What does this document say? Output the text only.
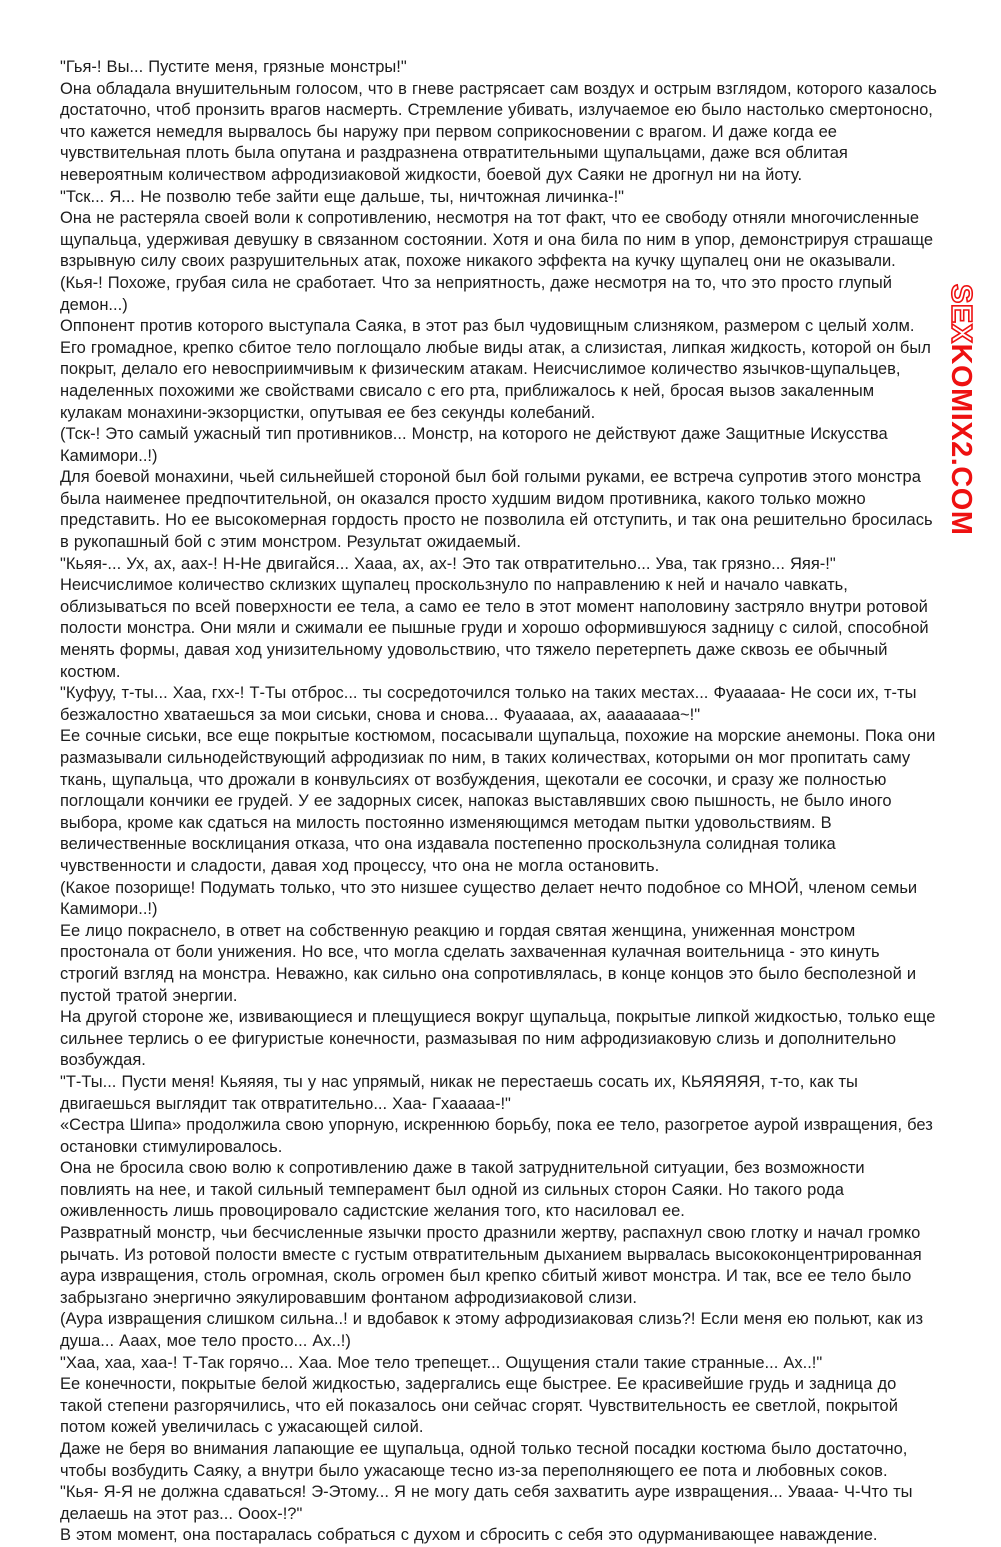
"Гья-! Вы... Пустите меня, грязные монстры!"

Она обладала внушительным голосом, что в гневе растрясает сам воздух и острым взглядом, которого казалось достаточно, чтоб пронзить врагов насмерть. Стремление убивать, излучаемое ею было настолько смертоносно, что кажется немедля вырвалось бы наружу при первом соприкосновении с врагом. И даже когда ее чувствительная плоть была опутана и раздразнена отвратительными щупальцами, даже вся облитая невероятным количеством афродизиаковой жидкости, боевой дух Саяки не дрогнул ни на йоту.

"Тск... Я... Не позволю тебе зайти еще дальше, ты, ничтожная личинка-!"

Она не растеряла своей воли к сопротивлению, несмотря на тот факт, что ее свободу отняли многочисленные щупальца, удерживая девушку в связанном состоянии. Хотя и она била по ним в упор, демонстрируя страшаще взрывную силу своих разрушительных атак, похоже никакого эффекта на кучку щупалец они не оказывали.

(Кья-! Похоже, грубая сила не сработает. Что за неприятность, даже несмотря на то, что это просто глупый демон...)

Оппонент против которого выступала Саяка, в этот раз был чудовищным слизняком, размером с целый холм. Его громадное, крепко сбитое тело поглощало любые виды атак, а слизистая, липкая жидкость, которой он был покрыт, делало его невосприимчивым к физическим атакам. Неисчислимое количество язычков-щупальцев, наделенных похожими же свойствами свисало с его рта, приближалось к ней, бросая вызов закаленным кулакам монахини-экзорцистки, опутывая ее без секунды колебаний.

(Тск-! Это самый ужасный тип противников... Монстр, на которого не действуют даже Защитные Искусства Камимори..!)

Для боевой монахини, чьей сильнейшей стороной был бой голыми руками, ее встреча супротив этого монстра была наименее предпочтительной, он оказался просто худшим видом противника, какого только можно представить. Но ее высокомерная гордость просто не позволила ей отступить, и так она решительно бросилась в рукопашный бой с этим монстром. Результат ожидаемый.

"Кьяя-... Ух, ах, аах-! Н-Не двигайся... Хааа, ах, ах-! Это так отвратительно... Ува, так грязно... Яяя-!"

Неисчислимое количество склизких щупалец проскользнуло по направлению к ней и начало чавкать, облизываться по всей поверхности ее тела, а само ее тело в этот момент наполовину застряло внутри ротовой полости монстра. Они мяли и сжимали ее пышные груди и хорошо оформившуюся задницу с силой, способной менять формы, давая ход унизительному удовольствию, что тяжело перетерпеть даже сквозь ее обычный костюм.

"Куфуу, т-ты... Хаа, гхх-! Т-Ты отброс... ты сосредоточился только на таких местах... Фуааааа- Не соси их, т-ты безжалостно хватаешься за мои сиськи, снова и снова... Фуааааа, ах, аааааааа~!"

Ее сочные сиськи, все еще покрытые костюмом, посасывали щупальца, похожие на морские анемоны. Пока они размазывали сильнодействующий афродизиак по ним, в таких количествах, которыми он мог пропитать саму ткань, щупальца, что дрожали в конвульсиях от возбуждения, щекотали ее сосочки, и сразу же полностью поглощали кончики ее грудей. У ее задорных сисек, напоказ выставлявших свою пышность, не было иного выбора, кроме как сдаться на милость постоянно изменяющимся методам пытки удовольствиям. В величественные восклицания отказа, что она издавала постепенно проскользнула солидная толика чувственности и сладости, давая ход процессу, что она не могла остановить.

(Какое позорище! Подумать только, что это низшее существо делает нечто подобное со МНОЙ, членом семьи Камимори..!)

Ее лицо покраснело, в ответ на собственную реакцию и гордая святая женщина, униженная монстром простонала от боли унижения. Но все, что могла сделать захваченная кулачная воительница - это кинуть строгий взгляд на монстра. Неважно, как сильно она сопротивлялась, в конце концов это было бесполезной и пустой тратой энергии.

На другой стороне же, извивающиеся и плещущиеся вокруг щупальца, покрытые липкой жидкостью, только еще сильнее терлись о ее фигуристые конечности, размазывая по ним афродизиаковую слизь и дополнительно возбуждая.

"Т-Ты... Пусти меня! Кьяяяя, ты у нас упрямый, никак не перестаешь сосать их, КЬЯЯЯЯЯ, т-то, как ты двигаешься выглядит так отвратительно... Хаа- Гхааааа-!"

«Сестра Шипа» продолжила свою упорную, искреннюю борьбу, пока ее тело, разогретое аурой извращения, без остановки стимулировалось.

Она не бросила свою волю к сопротивлению даже в такой затруднительной ситуации, без возможности повлиять на нее, и такой сильный темперамент был одной из сильных сторон Саяки. Но такого рода оживленность лишь провоцировало садистские желания того, кто насиловал ее.

Развратный монстр, чьи бесчисленные язычки просто дразнили жертву, распахнул свою глотку и начал громко рычать. Из ротовой полости вместе с густым отвратительным дыханием вырвалась высококонцентрированная аура извращения, столь огромная, сколь огромен был крепко сбитый живот монстра. И так, все ее тело было забрызгано энергично эякулировавшим фонтаном афродизиаковой слизи.

(Аура извращения слишком сильна..! и вдобавок к этому афродизиаковая слизь?! Если меня ею польют, как из душа... Ааах, мое тело просто... Ах..!)

"Хаа, хаа, хаа-! Т-Так горячо... Хаа. Мое тело трепещет... Ощущения стали такие странные... Ах..!"

Ее конечности, покрытые белой жидкостью, задергались еще быстрее. Ее красивейшие грудь и задница до такой степени разгорячились, что ей показалось они сейчас сгорят. Чувствительность ее светлой, покрытой потом кожей увеличилась с ужасающей силой.

Даже не беря во внимания лапающие ее щупальца, одной только тесной посадки костюма было достаточно, чтобы возбудить Саяку, а внутри было ужасающе тесно из-за переполняющего ее пота и любовных соков.

"Кья- Я-Я не должна сдаваться! Э-Этому... Я не могу дать себя захватить ауре извращения... Увааа- Ч-Что ты делаешь на этот раз... Ооох-!?"

В этом момент, она постаралась собраться с духом и сбросить с себя это одурманивающее наваждение.

SEXKOMIX2.COM
